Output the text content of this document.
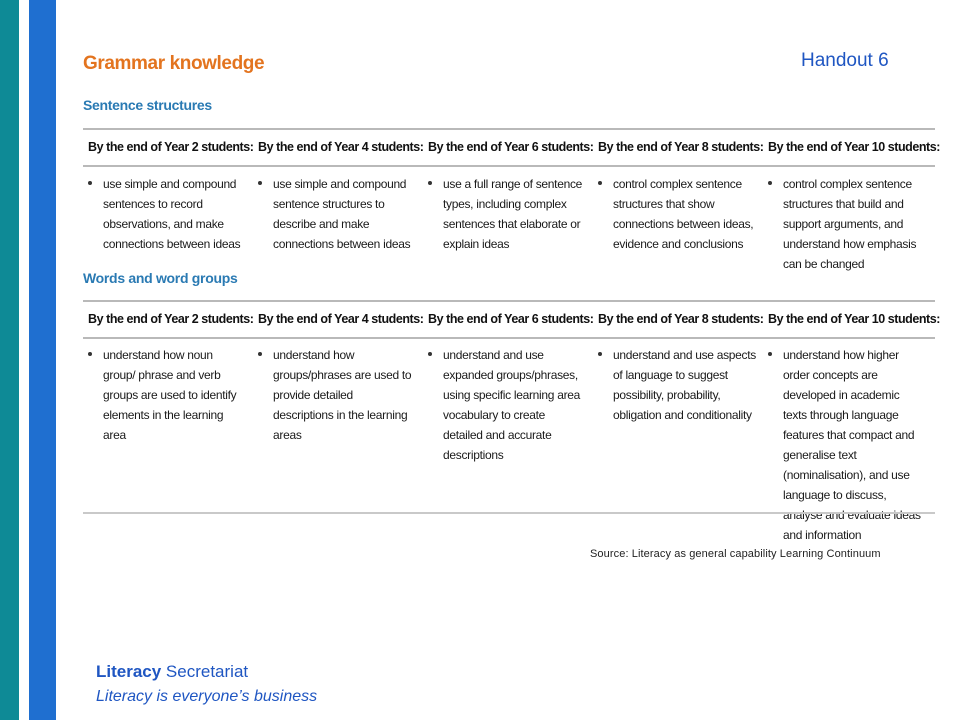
Handout 6
Grammar knowledge
Sentence structures
By the end of Year 2 students: By the end of Year 4 students: By the end of Year 6 students: By the end of Year 8 students: By the end of Year 10 students:
use simple and compound sentences to record observations, and make connections between ideas
use simple and compound sentence structures to describe and make connections between ideas
use a full range of sentence types, including complex sentences that elaborate or explain ideas
control complex sentence structures that show connections between ideas, evidence and conclusions
control complex sentence structures that build and support arguments, and understand how emphasis can be changed
Words and word groups
By the end of Year 2 students: By the end of Year 4 students: By the end of Year 6 students: By the end of Year 8 students: By the end of Year 10 students:
understand how noun group/ phrase and verb groups are used to identify elements in the learning area
understand how groups/phrases are used to provide detailed descriptions in the learning areas
understand and use expanded groups/phrases, using specific learning area vocabulary to create detailed and accurate descriptions
understand and use aspects of language to suggest possibility, probability, obligation and conditionality
understand how higher order concepts are developed in academic texts through language features that compact and generalise text (nominalisation), and use language to discuss, analyse and evaluate ideas and information
Source: Literacy as general capability Learning Continuum
Literacy Secretariat
Literacy is everyone’s business
